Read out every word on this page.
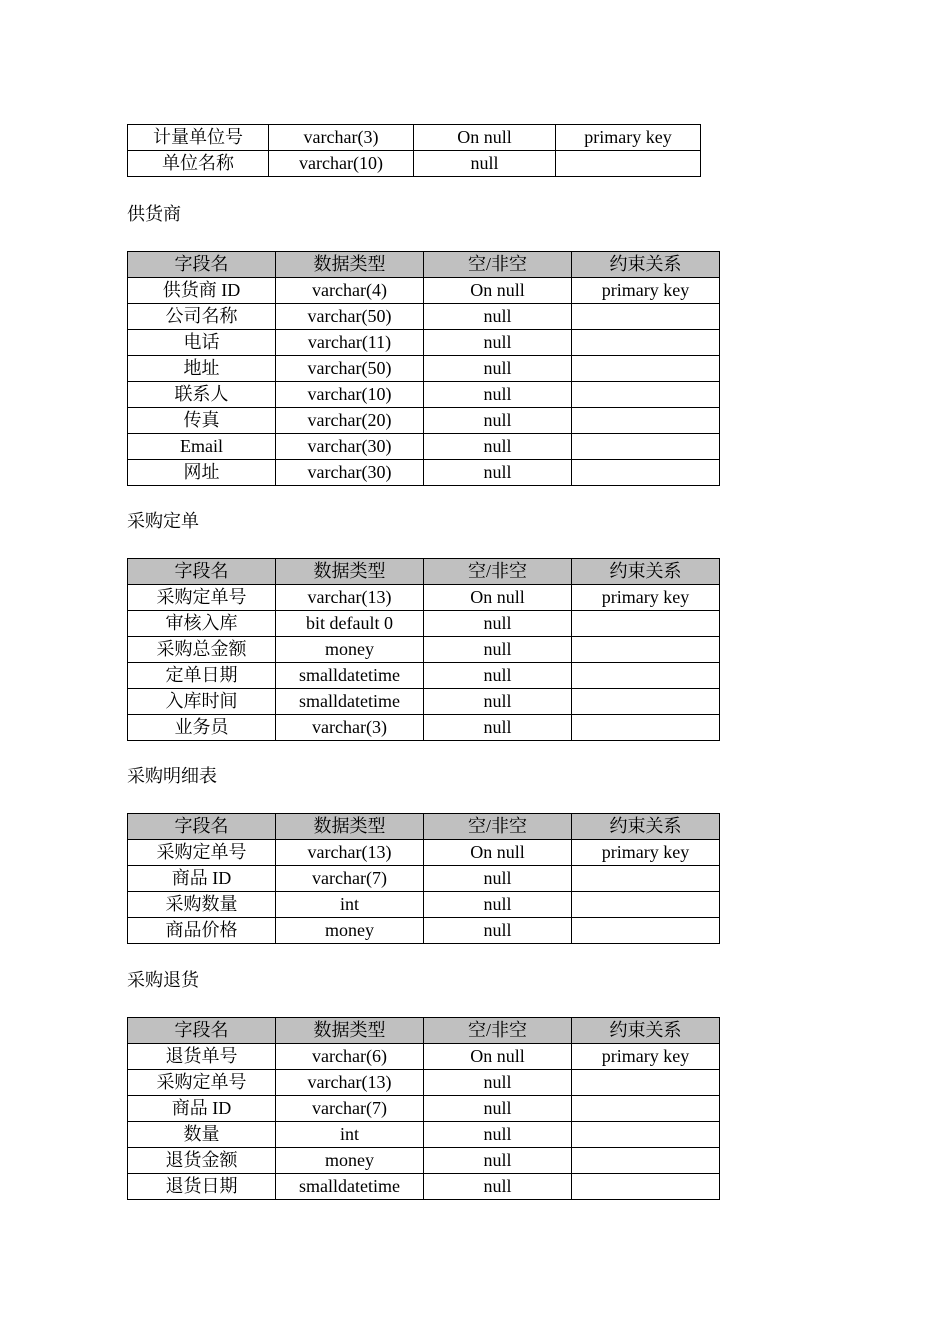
计量单位号	varchar(3)	On null	primary key
单位名称	varchar(10)	null	
供货商
字段名	数据类型	空/非空	约束关系
供货商 ID	varchar(4)	On null	primary key
公司名称	varchar(50)	null	
电话	varchar(11)	null	
地址	varchar(50)	null	
联系人	varchar(10)	null	
传真	varchar(20)	null	
Email	varchar(30)	null	
网址	varchar(30)	null	
采购定单
字段名	数据类型	空/非空	约束关系
采购定单号	varchar(13)	On null	primary key
审核入库	bit default 0	null	
采购总金额	money	null	
定单日期	smalldatetime	null	
入库时间	smalldatetime	null	
业务员	varchar(3)	null	
采购明细表
字段名	数据类型	空/非空	约束关系
采购定单号	varchar(13)	On null	primary key
商品 ID	varchar(7)	null	
采购数量	int	null	
商品价格	money	null	
采购退货
字段名	数据类型	空/非空	约束关系
退货单号	varchar(6)	On null	primary key
采购定单号	varchar(13)	null	
商品 ID	varchar(7)	null	
数量	int	null	
退货金额	money	null	
退货日期	smalldatetime	null	
